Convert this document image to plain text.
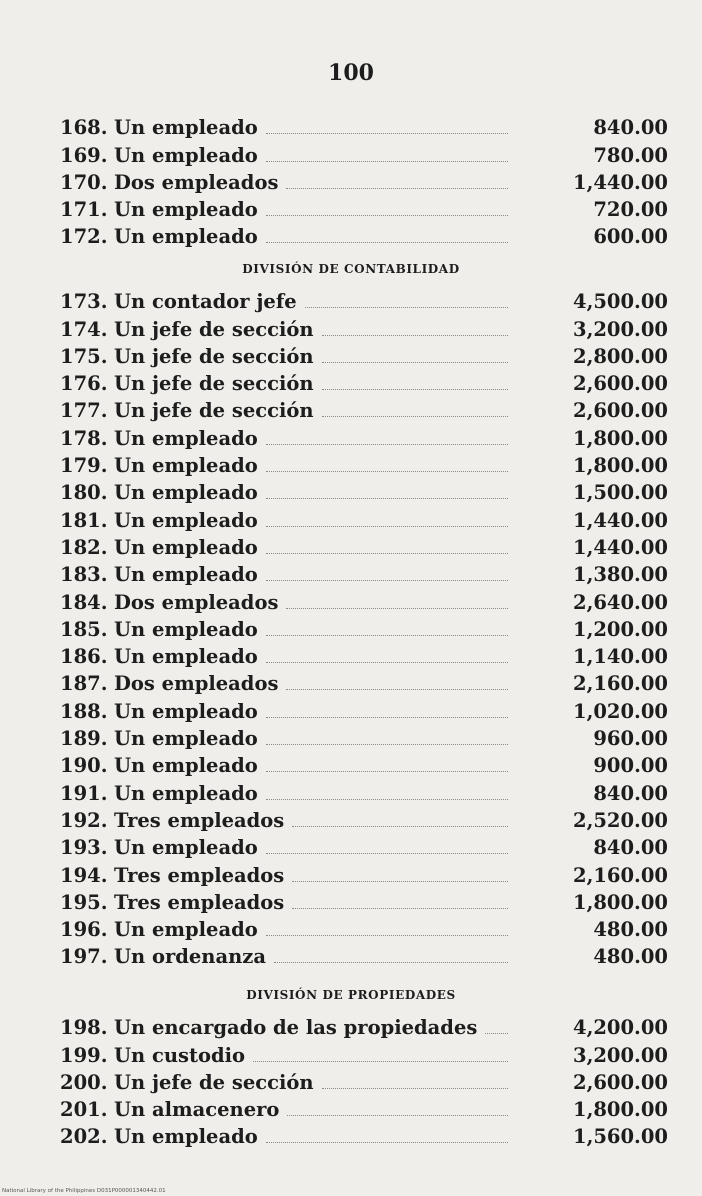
100
168. Un empleado	840.00
169. Un empleado	780.00
170. Dos empleados	1,440.00
171. Un empleado	720.00
172. Un empleado	600.00
DIVISIÓN DE CONTABILIDAD
173. Un contador jefe	4,500.00
174. Un jefe de sección	3,200.00
175. Un jefe de sección	2,800.00
176. Un jefe de sección	2,600.00
177. Un jefe de sección	2,600.00
178. Un empleado	1,800.00
179. Un empleado	1,800.00
180. Un empleado	1,500.00
181. Un empleado	1,440.00
182. Un empleado	1,440.00
183. Un empleado	1,380.00
184. Dos empleados	2,640.00
185. Un empleado	1,200.00
186. Un empleado	1,140.00
187. Dos empleados	2,160.00
188. Un empleado	1,020.00
189. Un empleado	960.00
190. Un empleado	900.00
191. Un empleado	840.00
192. Tres empleados	2,520.00
193. Un empleado	840.00
194. Tres empleados	2,160.00
195. Tres empleados	1,800.00
196. Un empleado	480.00
197. Un ordenanza	480.00
DIVISIÓN DE PROPIEDADES
198. Un encargado de las propiedades	4,200.00
199. Un custodio	3,200.00
200. Un jefe de sección	2,600.00
201. Un almacenero	1,800.00
202. Un empleado	1,560.00
National Library of the Philippines D031P000001340442.01
